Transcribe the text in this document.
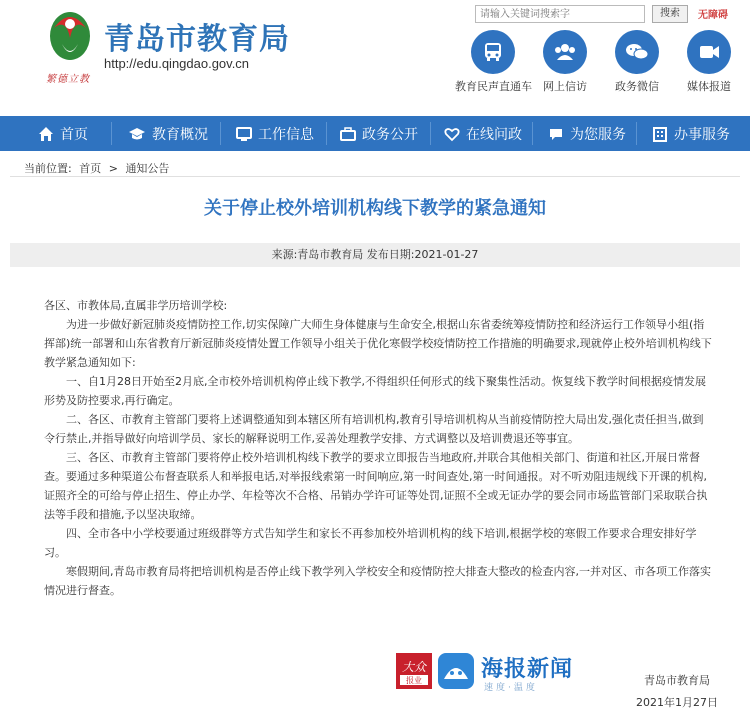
繁德立教
青岛市教育局
http://edu.qingdao.gov.cn
请输入关键词搜索字
搜索	无障碍
教育民声直通车	网上信访	政务微信	媒体报道
首页	教育概况	工作信息	政务公开	在线问政	为您服务	办事服务
当前位置: 首页 > 通知公告
关于停止校外培训机构线下教学的紧急通知
来源:青岛市教育局 发布日期:2021-01-27

各区、市教体局,直属非学历培训学校:

为进一步做好新冠肺炎疫情防控工作,切实保障广大师生身体健康与生命安全,根据山东省委统筹疫情防控和经济运行工作领导小组(指挥部)统一部署和山东省教育厅新冠肺炎疫情处置工作领导小组关于优化寒假学校疫情防控工作措施的明确要求,现就停止校外培训机构线下教学紧急通知如下:

一、自1月28日开始至2月底,全市校外培训机构停止线下教学,不得组织任何形式的线下聚集性活动。恢复线下教学时间根据疫情发展形势及防控要求,再行确定。

二、各区、市教育主管部门要将上述调整通知到本辖区所有培训机构,教育引导培训机构从当前疫情防控大局出发,强化责任担当,做到令行禁止,并指导做好向培训学员、家长的解释说明工作,妥善处理教学安排、方式调整以及培训费退还等事宜。

三、各区、市教育主管部门要将停止校外培训机构线下教学的要求立即报告当地政府,并联合其他相关部门、街道和社区,开展日常督查。要通过多种渠道公布督查联系人和举报电话,对举报线索第一时间响应,第一时间查处,第一时间通报。对不听劝阻违规线下开课的机构,证照齐全的可给与停止招生、停止办学、年检等次不合格、吊销办学许可证等处罚,证照不全或无证办学的要会同市场监管部门采取联合执法等手段和措施,予以坚决取缔。

四、全市各中小学校要通过班级群等方式告知学生和家长不再参加校外培训机构的线下培训,根据学校的寒假工作要求合理安排好学习。

寒假期间,青岛市教育局将把培训机构是否停止线下教学列入学校安全和疫情防控大排查大整改的检查内容,一并对区、市各项工作落实情况进行督查。

大众
报业	海报新闻
速度·温度
青岛市教育局
2021年1月27日
